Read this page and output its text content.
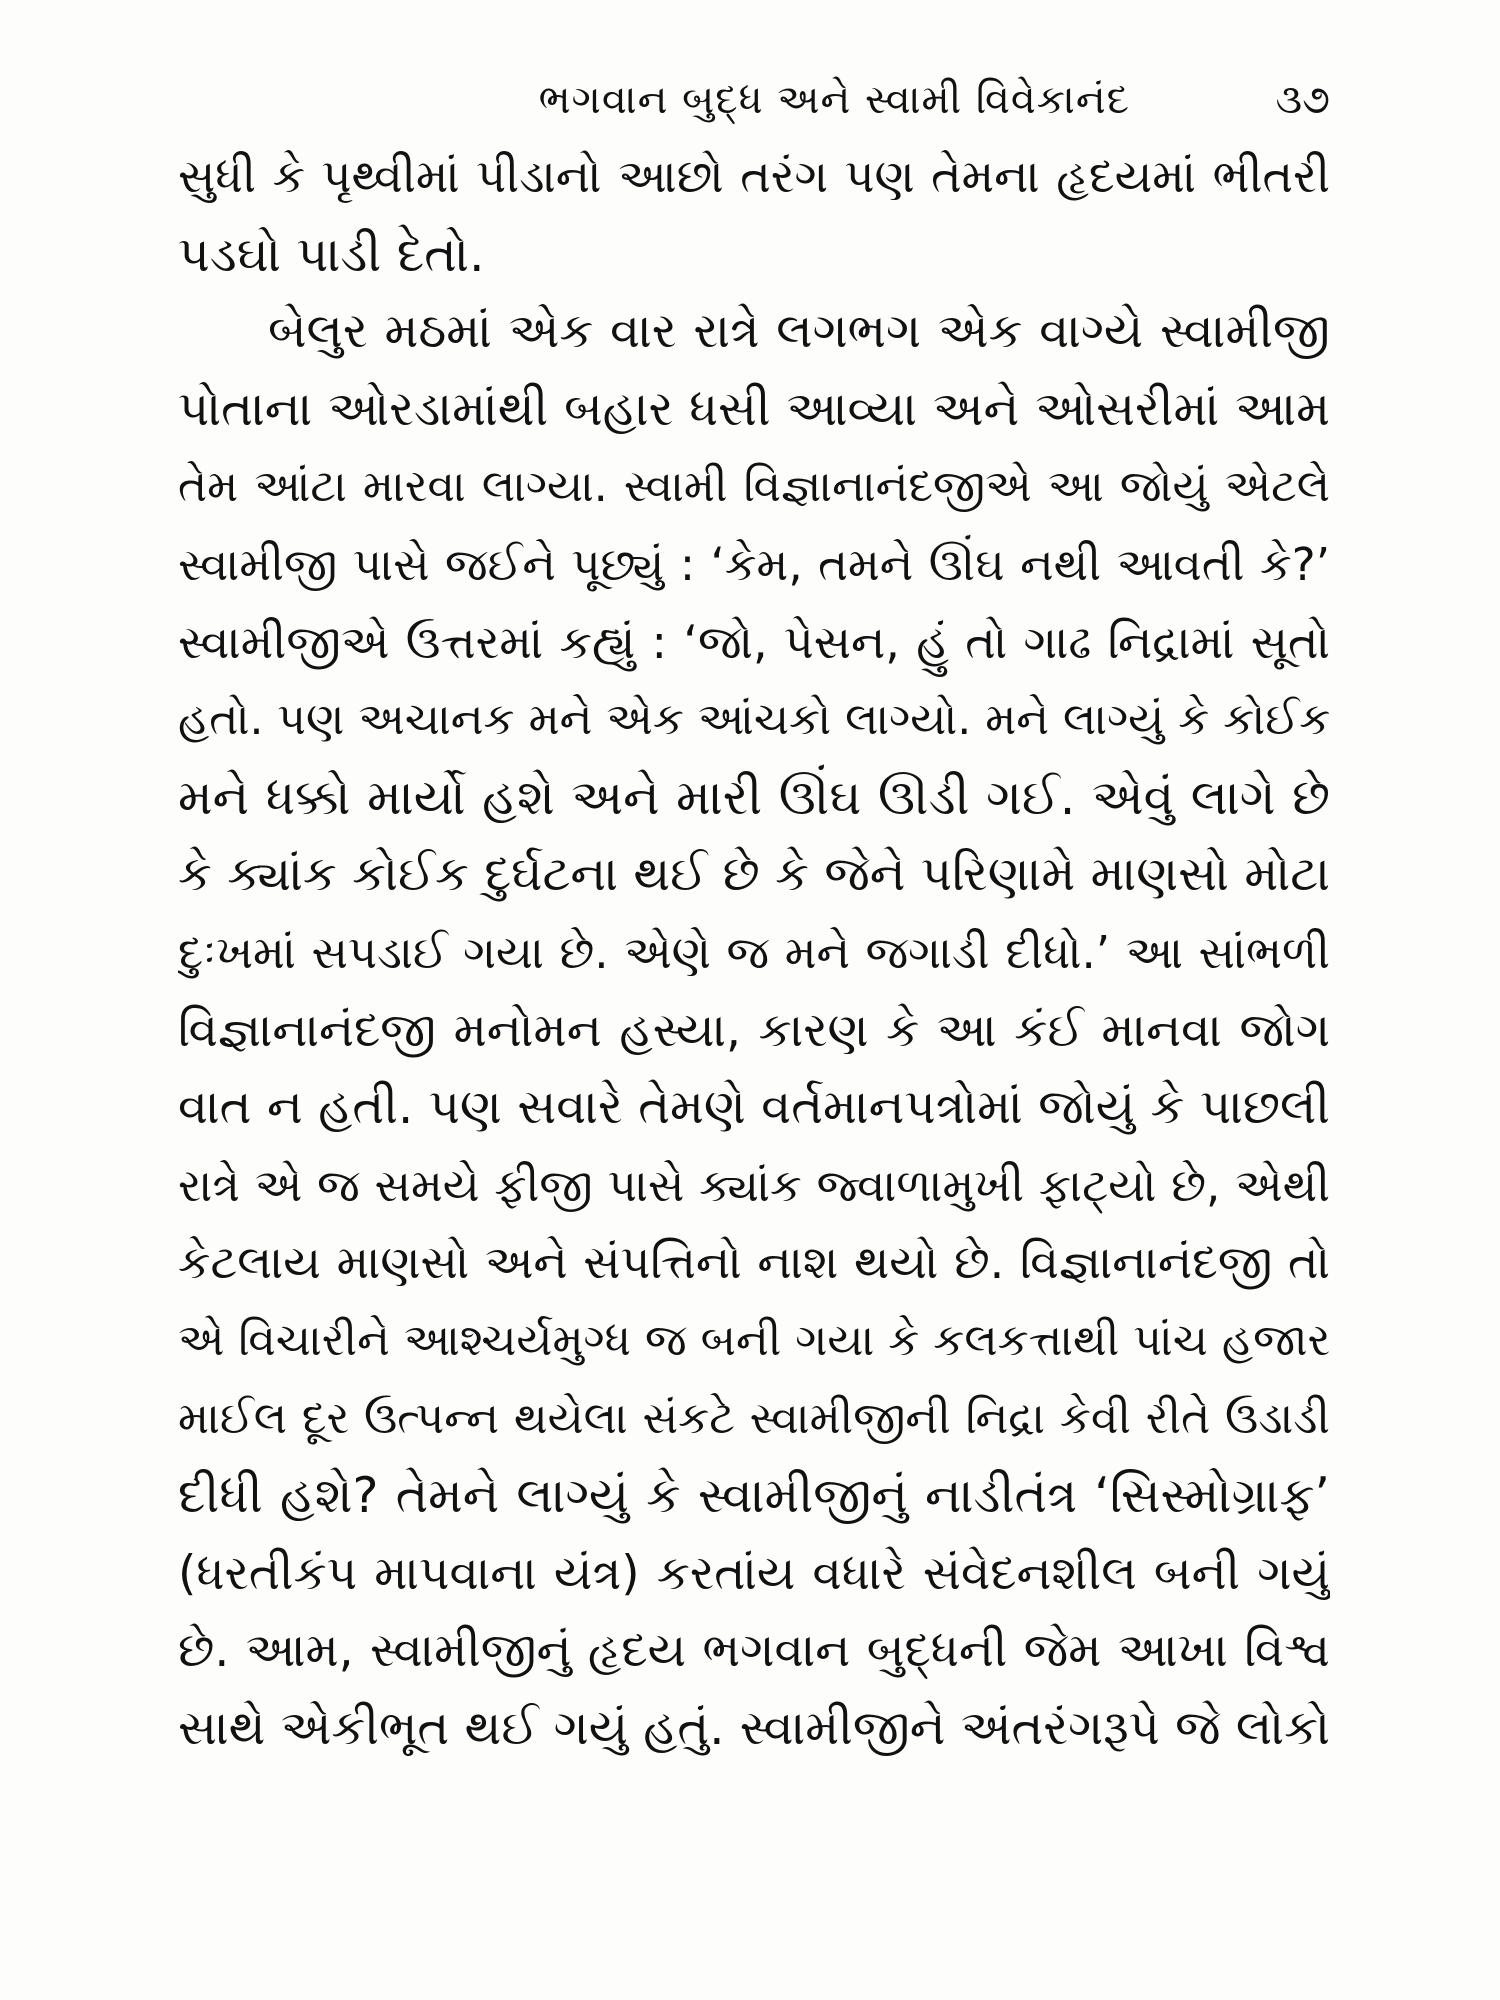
ભગવાન બુદ્ધ અને સ્વામી વિવેકાનંદ	૩૭
સુધી કે પૃથ્વીમાં પીડાનો આછો તરંગ પણ તેમના હૃદયમાં ભીતરી
પડઘો પાડી દેતો.
બેલુર મઠમાં એક વાર રાત્રે લગભગ એક વાગ્યે સ્વામીજી
પોતાના ઓરડામાંથી બહાર ધસી આવ્યા અને ઓસરીમાં આમ
તેમ આંટા મારવા લાગ્યા. સ્વામી વિજ્ઞાનાનંદજીએ આ જોયું એટલે
સ્વામીજી પાસે જઈને પૂછ્યું : ‘કેમ, તમને ઊંઘ નથી આવતી કે?’
સ્વામીજીએ ઉત્તરમાં કહ્યું : ‘જો, પેસન, હું તો ગાઢ નિદ્રામાં સૂતો
હતો. પણ અચાનક મને એક આંચકો લાગ્યો. મને લાગ્યું કે કોઈક
મને ધક્કો માર્યો હશે અને મારી ઊંઘ ઊડી ગઈ. એવું લાગે છે
કે ક્યાંક કોઈક દુર્ઘટના થઈ છે કે જેને પરિણામે માણસો મોટા
દુઃખમાં સપડાઈ ગયા છે. એણે જ મને જગાડી દીધો.’ આ સાંભળી
વિજ્ઞાનાનંદજી મનોમન હસ્યા, કારણ કે આ કંઈ માનવા જોગ
વાત ન હતી. પણ સવારે તેમણે વર્તમાનપત્રોમાં જોયું કે પાછલી
રાત્રે એ જ સમયે ફીજી પાસે ક્યાંક જ્વાળામુખી ફાટ્યો છે, એથી
કેટલાય માણસો અને સંપત્તિનો નાશ થયો છે. વિજ્ઞાનાનંદજી તો
એ વિચારીને આશ્ચર્યમુગ્ધ જ બની ગયા કે કલકત્તાથી પાંચ હજાર
માઈલ દૂર ઉત્પન્ન થયેલા સંકટે સ્વામીજીની નિદ્રા કેવી રીતે ઉડાડી
દીધી હશે? તેમને લાગ્યું કે સ્વામીજીનું નાડીતંત્ર ‘સિસ્મોગ્રાફ’
(ધરતીકંપ માપવાના યંત્ર) કરતાંય વધારે સંવેદનશીલ બની ગયું
છે. આમ, સ્વામીજીનું હૃદય ભગવાન બુદ્ધની જેમ આખા વિશ્વ
સાથે એકીભૂત થઈ ગયું હતું. સ્વામીજીને અંતરંગરૂપે જે લોકો
